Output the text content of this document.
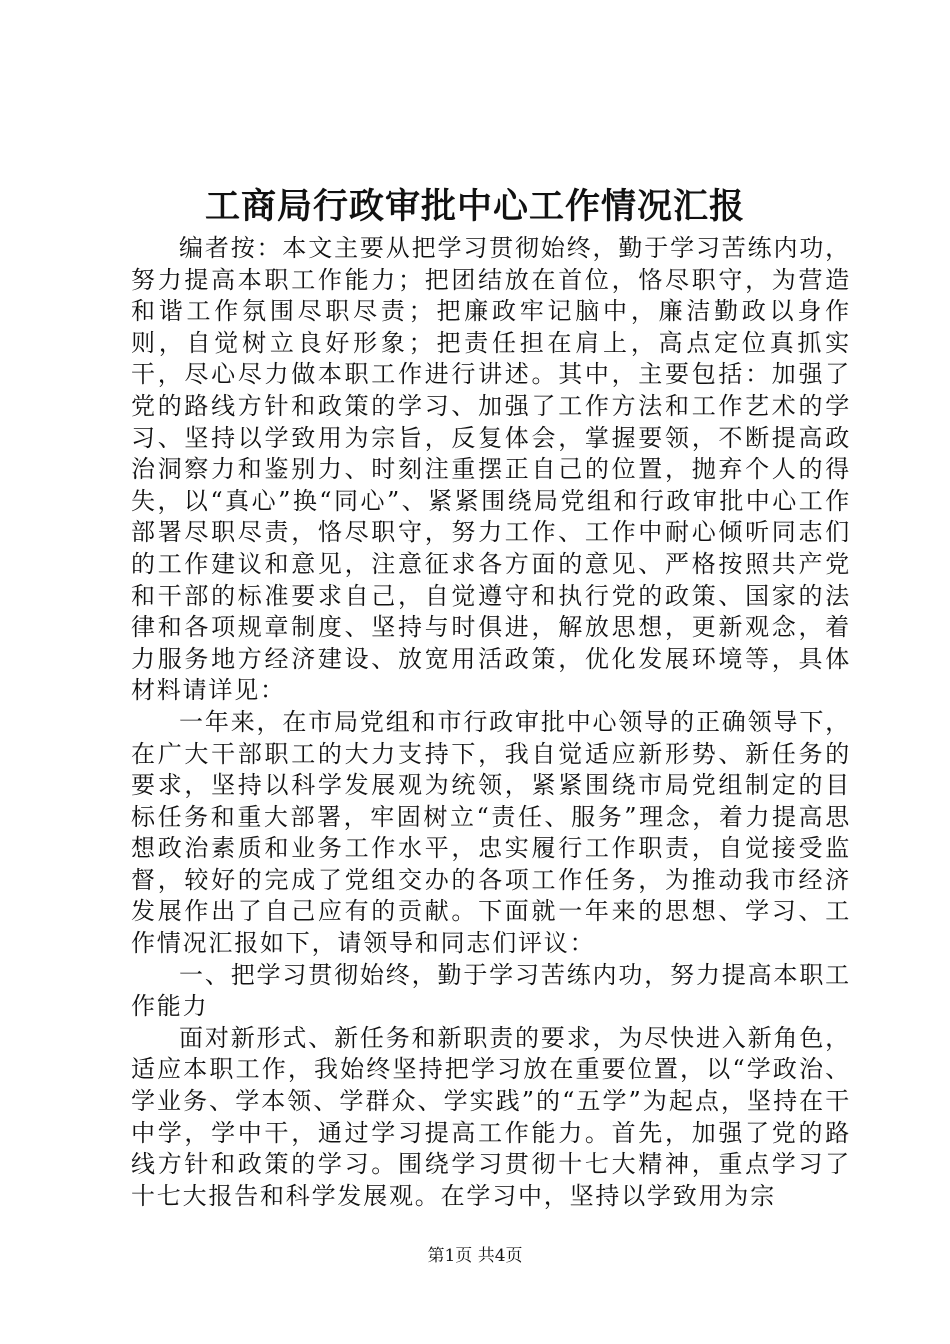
工商局行政审批中心工作情况汇报

编者按：本文主要从把学习贯彻始终，勤于学习苦练内功，努力提高本职工作能力；把团结放在首位，恪尽职守，为营造和谐工作氛围尽职尽责；把廉政牢记脑中，廉洁勤政以身作则，自觉树立良好形象；把责任担在肩上，高点定位真抓实干，尽心尽力做本职工作进行讲述。其中，主要包括：加强了党的路线方针和政策的学习、加强了工作方法和工作艺术的学习、坚持以学致用为宗旨，反复体会，掌握要领，不断提高政治洞察力和鉴别力、时刻注重摆正自己的位置，抛弃个人的得失，以“真心”换“同心”、紧紧围绕局党组和行政审批中心工作部署尽职尽责，恪尽职守，努力工作、工作中耐心倾听同志们的工作建议和意见，注意征求各方面的意见、严格按照共产党和干部的标准要求自己，自觉遵守和执行党的政策、国家的法律和各项规章制度、坚持与时俱进，解放思想，更新观念，着力服务地方经济建设、放宽用活政策，优化发展环境等，具体材料请详见：

一年来，在市局党组和市行政审批中心领导的正确领导下，在广大干部职工的大力支持下，我自觉适应新形势、新任务的要求，坚持以科学发展观为统领，紧紧围绕市局党组制定的目标任务和重大部署，牢固树立“责任、服务”理念，着力提高思想政治素质和业务工作水平，忠实履行工作职责，自觉接受监督，较好的完成了党组交办的各项工作任务，为推动我市经济发展作出了自己应有的贡献。下面就一年来的思想、学习、工作情况汇报如下，请领导和同志们评议：

一、把学习贯彻始终，勤于学习苦练内功，努力提高本职工作能力

面对新形式、新任务和新职责的要求，为尽快进入新角色，适应本职工作，我始终坚持把学习放在重要位置，以“学政治、学业务、学本领、学群众、学实践”的“五学”为起点，坚持在干中学，学中干，通过学习提高工作能力。首先，加强了党的路线方针和政策的学习。围绕学习贯彻十七大精神，重点学习了十七大报告和科学发展观。在学习中，坚持以学致用为宗

第1页 共4页
